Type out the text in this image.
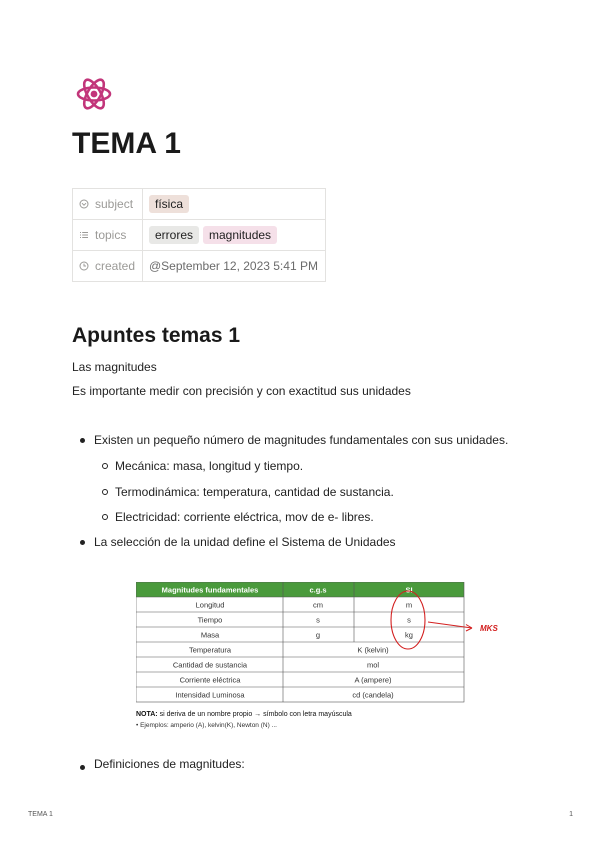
TEMA 1
subject	física
topics	errores magnitudes
created	@September 12, 2023 5:41 PM
Apuntes temas 1

Las magnitudes

Es importante medir con precisión y con exactitud sus unidades

Existen un pequeño número de magnitudes fundamentales con sus unidades.
Mecánica: masa, longitud y tiempo.
Termodinámica: temperatura, cantidad de sustancia.
Electricidad: corriente eléctrica, mov de e- libres.
La selección de la unidad define el Sistema de Unidades
Magnitudes fundamentales	c.g.s	SI
Longitud	cm	m
Tiempo	s	s
Masa	g	kg
Temperatura	K (kelvin)
Cantidad de sustancia	mol
Corriente eléctrica	A (ampere)
Intensidad Luminosa	cd (candela)
MKS
NOTA: si deriva de un nombre propio → símbolo con letra mayúscula
• Ejemplos: amperio (A), kelvin(K), Newton (N) ...
Definiciones de magnitudes:
TEMA 1	1
